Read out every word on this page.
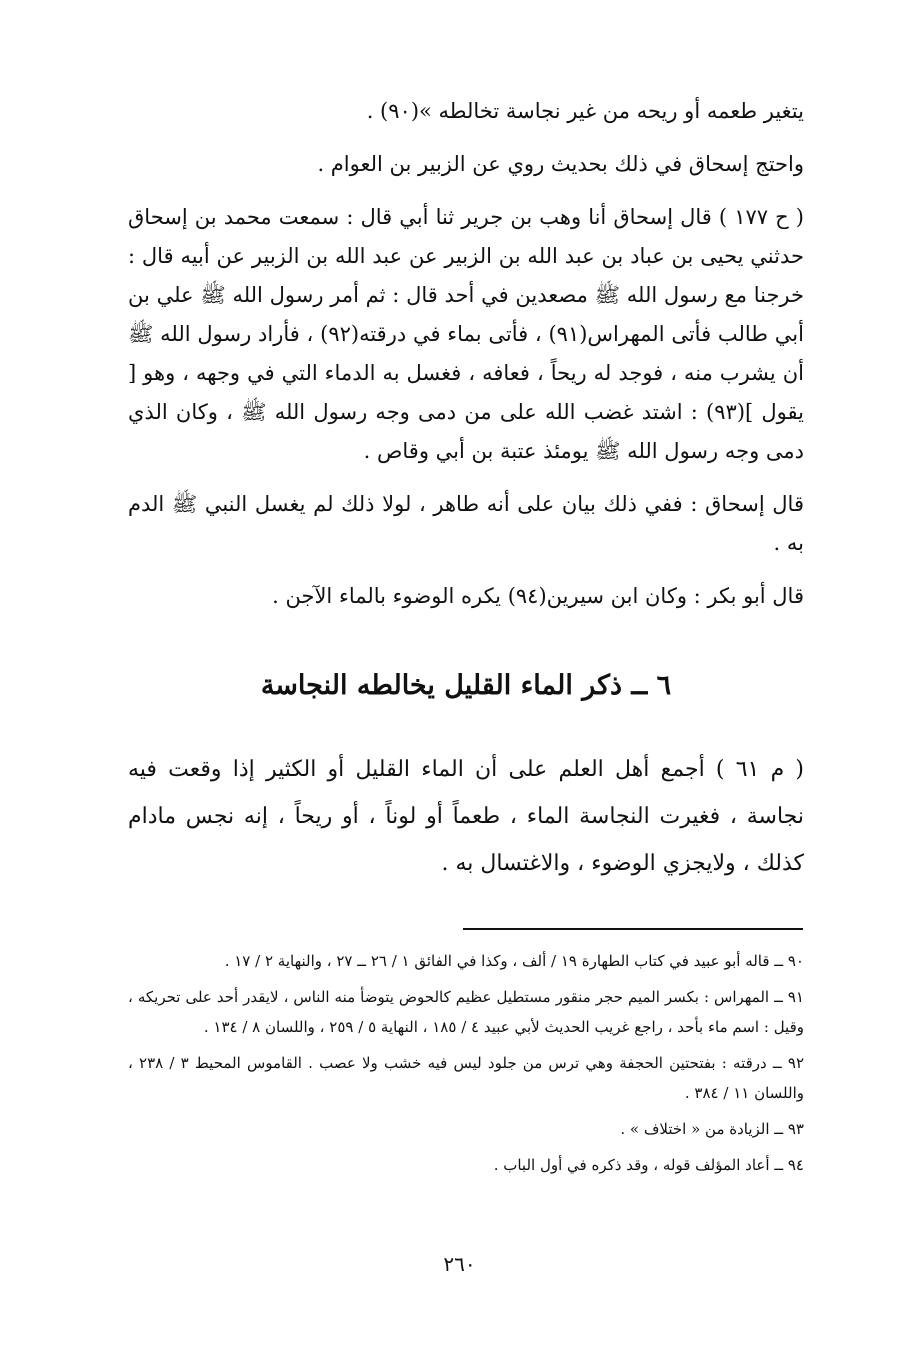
يتغير طعمه أو ريحه من غير نجاسة تخالطه »(٩٠) .

واحتج إسحاق في ذلك بحديث روي عن الزبير بن العوام .

( ح ١٧٧ ) قال إسحاق أنا وهب بن جرير ثنا أبي قال : سمعت محمد بن إسحاق حدثني يحيى بن عباد بن عبد الله بن الزبير عن عبد الله بن الزبير عن أبيه قال : خرجنا مع رسول الله ﷺ مصعدين في أحد قال : ثم أمر رسول الله ﷺ علي بن أبي طالب فأتى المهراس(٩١) ، فأتى بماء في درقته(٩٢) ، فأراد رسول الله ﷺ أن يشرب منه ، فوجد له ريحاً ، فعافه ، فغسل به الدماء التي في وجهه ، وهو [ يقول ](٩٣) : اشتد غضب الله على من دمى وجه رسول الله ﷺ ، وكان الذي دمى وجه رسول الله ﷺ يومئذ عتبة بن أبي وقاص .

قال إسحاق : ففي ذلك بيان على أنه طاهر ، لولا ذلك لم يغسل النبي ﷺ الدم به .

قال أبو بكر : وكان ابن سيرين(٩٤) يكره الوضوء بالماء الآجن .

٦ ــ ذكر الماء القليل يخالطه النجاسة

( م ٦١ ) أجمع أهل العلم على أن الماء القليل أو الكثير إذا وقعت فيه نجاسة ، فغيرت النجاسة الماء ، طعماً أو لوناً ، أو ريحاً ، إنه نجس مادام كذلك ، ولايجزي الوضوء ، والاغتسال به .

٩٠ ــ قاله أبو عبيد في كتاب الطهارة ١٩ / ألف ، وكذا في الفائق ١ / ٢٦ ــ ٢٧ ، والنهاية ٢ / ١٧ .

٩١ ــ المهراس : بكسر الميم حجر منقور مستطيل عظيم كالحوض يتوضأ منه الناس ، لايقدر أحد على تحريكه ، وقيل : اسم ماء بأحد ، راجع غريب الحديث لأبي عبيد ٤ / ١٨٥ ، النهاية ٥ / ٢٥٩ ، واللسان ٨ / ١٣٤ .

٩٢ ــ درقته : بفتحتين الحجفة وهي ترس من جلود ليس فيه خشب ولا عصب . القاموس المحيط ٣ / ٢٣٨ ، واللسان ١١ / ٣٨٤ .

٩٣ ــ الزيادة من « اختلاف » .

٩٤ ــ أعاد المؤلف قوله ، وقد ذكره في أول الباب .

٢٦٠
